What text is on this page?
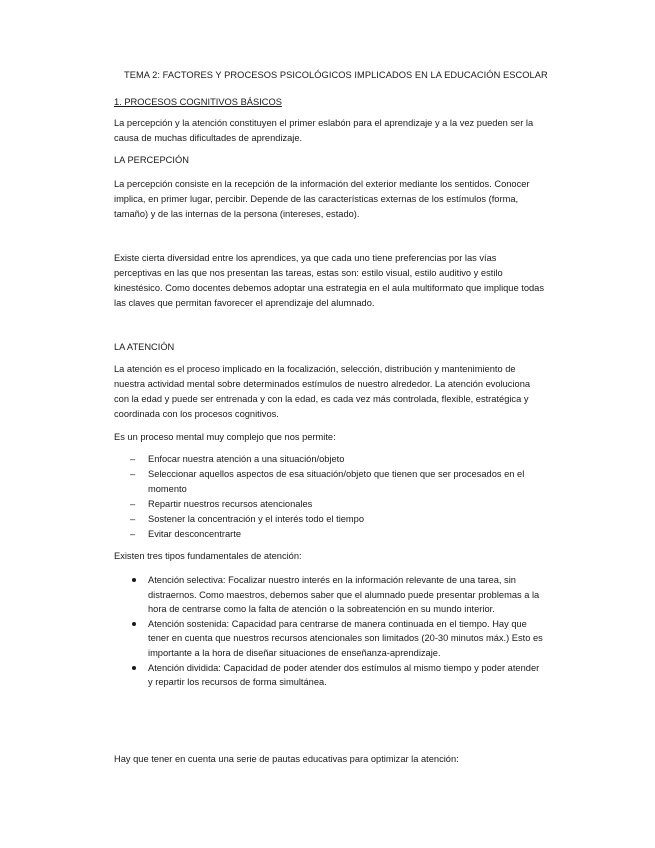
TEMA 2: FACTORES Y PROCESOS PSICOLÓGICOS IMPLICADOS EN LA EDUCACIÓN ESCOLAR
1. PROCESOS COGNITIVOS BÁSICOS
La percepción y la atención constituyen el primer eslabón para el aprendizaje y a la vez pueden ser la causa de muchas dificultades de aprendizaje.
LA PERCEPCIÓN
La percepción consiste en la recepción de la información del exterior mediante los sentidos. Conocer implica, en primer lugar, percibir. Depende de las características externas de los estímulos (forma, tamaño) y de las internas de la persona (intereses, estado).
Existe cierta diversidad entre los aprendices, ya que cada uno tiene preferencias por las vías perceptivas en las que nos presentan las tareas, estas son: estilo visual, estilo auditivo y estilo kinestésico. Como docentes debemos adoptar una estrategia en el aula multiformato que implique todas las claves que permitan favorecer el aprendizaje del alumnado.
LA ATENCIÓN
La atención es el proceso implicado en la focalización, selección, distribución y mantenimiento de nuestra actividad mental sobre determinados estímulos de nuestro alrededor. La atención evoluciona con la edad y puede ser entrenada y con la edad, es cada vez más controlada, flexible, estratégica y coordinada con los procesos cognitivos.
Es un proceso mental muy complejo que nos permite:
– Enfocar nuestra atención a una situación/objeto
– Seleccionar aquellos aspectos de esa situación/objeto que tienen que ser procesados en el momento
– Repartir nuestros recursos atencionales
– Sostener la concentración y el interés todo el tiempo
– Evitar desconcentrarte
Existen tres tipos fundamentales de atención:
Atención selectiva: Focalizar nuestro interés en la información relevante de una tarea, sin distraernos. Como maestros, debemos saber que el alumnado puede presentar problemas a la hora de centrarse como la falta de atención o la sobreatención en su mundo interior.
Atención sostenida: Capacidad para centrarse de manera continuada en el tiempo. Hay que tener en cuenta que nuestros recursos atencionales son limitados (20-30 minutos máx.) Esto es importante a la hora de diseñar situaciones de enseñanza-aprendizaje.
Atención dividida: Capacidad de poder atender dos estímulos al mismo tiempo y poder atender y repartir los recursos de forma simultánea.
Hay que tener en cuenta una serie de pautas educativas para optimizar la atención:
